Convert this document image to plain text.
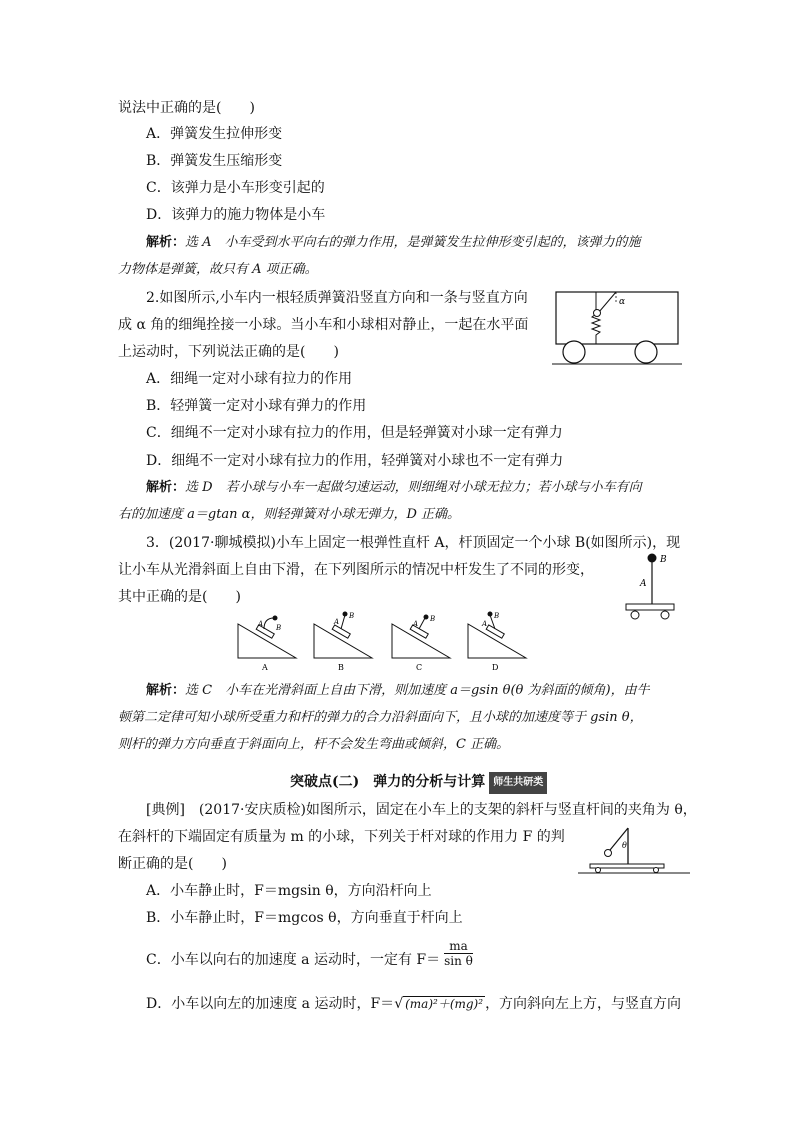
说法中正确的是(　　)
A．弹簧发生拉伸形变
B．弹簧发生压缩形变
C．该弹力是小车形变引起的
D．该弹力的施力物体是小车
解析：选 A　小车受到水平向右的弹力作用，是弹簧发生拉伸形变引起的，该弹力的施
力物体是弹簧，故只有 A 项正确。
2.如图所示,小车内一根轻质弹簧沿竖直方向和一条与竖直方向
成 α 角的细绳拴接一小球。当小车和小球相对静止，一起在水平面
上运动时，下列说法正确的是(　　)
A．细绳一定对小球有拉力的作用
B．轻弹簧一定对小球有弹力的作用
C．细绳不一定对小球有拉力的作用，但是轻弹簧对小球一定有弹力
D．细绳不一定对小球有拉力的作用，轻弹簧对小球也不一定有弹力
解析：选 D　若小球与小车一起做匀速运动，则细绳对小球无拉力；若小球与小车有向
右的加速度 a＝gtan α，则轻弹簧对小球无弹力，D 正确。
α
3．(2017·聊城模拟)小车上固定一根弹性直杆 A，杆顶固定一个小球 B(如图所示)，现
让小车从光滑斜面上自由下滑，在下列图所示的情况中杆发生了不同的形变，
其中正确的是(　　)
B
A
B
A
A
B
A
B
B
A
C
B
A
D
解析：选 C　小车在光滑斜面上自由下滑，则加速度 a＝gsin θ(θ 为斜面的倾角)，由牛
顿第二定律可知小球所受重力和杆的弹力的合力沿斜面向下，且小球的加速度等于 gsin θ，
则杆的弹力方向垂直于斜面向上，杆不会发生弯曲或倾斜，C 正确。
突破点(二)　弹力的分析与计算 师生共研类
[典例]　(2017·安庆质检)如图所示，固定在小车上的支架的斜杆与竖直杆间的夹角为 θ，
在斜杆的下端固定有质量为 m 的小球，下列关于杆对球的作用力 F 的判
断正确的是(　　)
θ
A．小车静止时，F＝mgsin θ，方向沿杆向上
B．小车静止时，F＝mgcos θ，方向垂直于杆向上
C．小车以向右的加速度 a 运动时，一定有 $F= \frac{ma}{\text{sin θ}}$
D．小车以向左的加速度 a 运动时，F＝√ (ma)²＋(mg)² ，方向斜向左上方，与竖直方向
